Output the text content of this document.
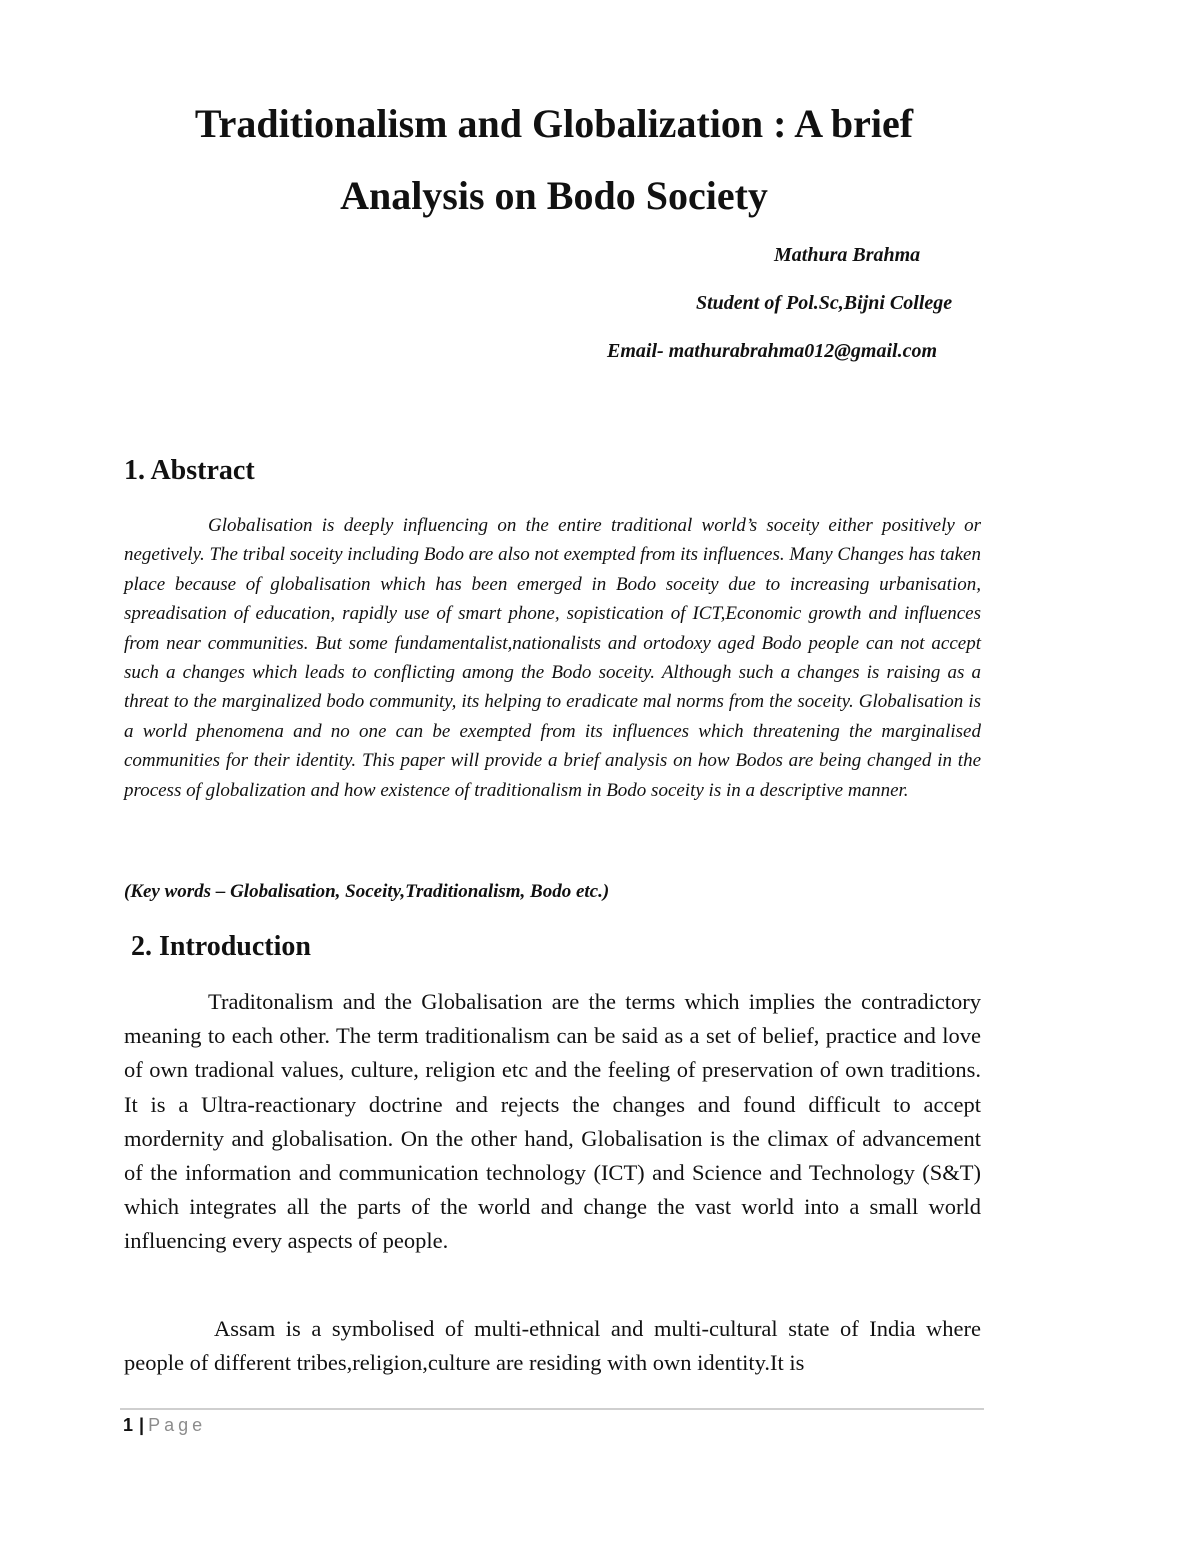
Traditionalism and Globalization : A brief
Analysis on Bodo Society
Mathura Brahma
Student of Pol.Sc,Bijni College
Email- mathurabrahma012@gmail.com
1. Abstract

Globalisation is deeply influencing on the entire traditional world’s soceity either positively or negetively. The tribal soceity including Bodo are also not exempted from its influences. Many Changes has taken place because of globalisation which has been emerged in Bodo soceity due to increasing urbanisation, spreadisation of education, rapidly use of smart phone, sopistication of ICT,Economic growth and influences from near communities. But some fundamentalist,nationalists and ortodoxy aged Bodo people can not accept such a changes which leads to conflicting among the Bodo soceity. Although such a changes is raising as a threat to the marginalized bodo community, its helping to eradicate mal norms from the soceity. Globalisation is a world phenomena and no one can be exempted from its influences which threatening the marginalised communities for their identity. This paper will provide a brief analysis on how Bodos are being changed in the process of globalization and how existence of traditionalism in Bodo soceity is in a descriptive manner.

(Key words – Globalisation, Soceity,Traditionalism, Bodo etc.)

2. Introduction

Traditonalism and the Globalisation are the terms which implies the contradictory meaning to each other. The term traditionalism can be said as a set of belief, practice and love of own tradional values, culture, religion etc and the feeling of preservation of own traditions. It is a Ultra-reactionary doctrine and rejects the changes and found difficult to accept mordernity and globalisation. On the other hand, Globalisation is the climax of advancement of the information and communication technology (ICT) and Science and Technology (S&T) which integrates all the parts of the world and change the vast world into a small world influencing every aspects of people.

Assam is a symbolised of multi-ethnical and multi-cultural state of India where people of different tribes,religion,culture are residing with own identity.It is

1 | Page
